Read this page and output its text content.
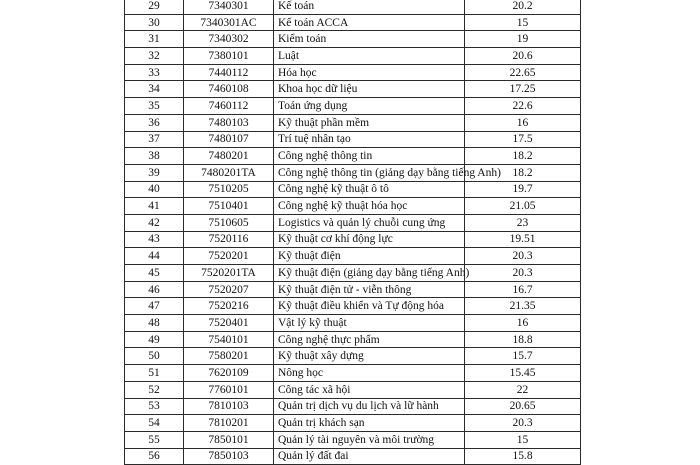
29	7340301	Kế toán	20.2
30	7340301AC	Kế toán ACCA	15
31	7340302	Kiểm toán	19
32	7380101	Luật	20.6
33	7440112	Hóa học	22.65
34	7460108	Khoa học dữ liệu	17.25
35	7460112	Toán ứng dụng	22.6
36	7480103	Kỹ thuật phần mềm	16
37	7480107	Trí tuệ nhân tạo	17.5
38	7480201	Công nghệ thông tin	18.2
39	7480201TA	Công nghệ thông tin (giảng dạy bằng tiếng Anh)	18.2
40	7510205	Công nghệ kỹ thuật ô tô	19.7
41	7510401	Công nghệ kỹ thuật hóa học	21.05
42	7510605	Logistics và quản lý chuỗi cung ứng	23
43	7520116	Kỹ thuật cơ khí động lực	19.51
44	7520201	Kỹ thuật điện	20.3
45	7520201TA	Kỹ thuật điện (giảng dạy bằng tiếng Anh)	20.3
46	7520207	Kỹ thuật điện tử - viễn thông	16.7
47	7520216	Kỹ thuật điều khiển và Tự động hóa	21.35
48	7520401	Vật lý kỹ thuật	16
49	7540101	Công nghệ thực phẩm	18.8
50	7580201	Kỹ thuật xây dựng	15.7
51	7620109	Nông học	15.45
52	7760101	Công tác xã hội	22
53	7810103	Quản trị dịch vụ du lịch và lữ hành	20.65
54	7810201	Quản trị khách sạn	20.3
55	7850101	Quản lý tài nguyên và môi trường	15
56	7850103	Quản lý đất đai	15.8
